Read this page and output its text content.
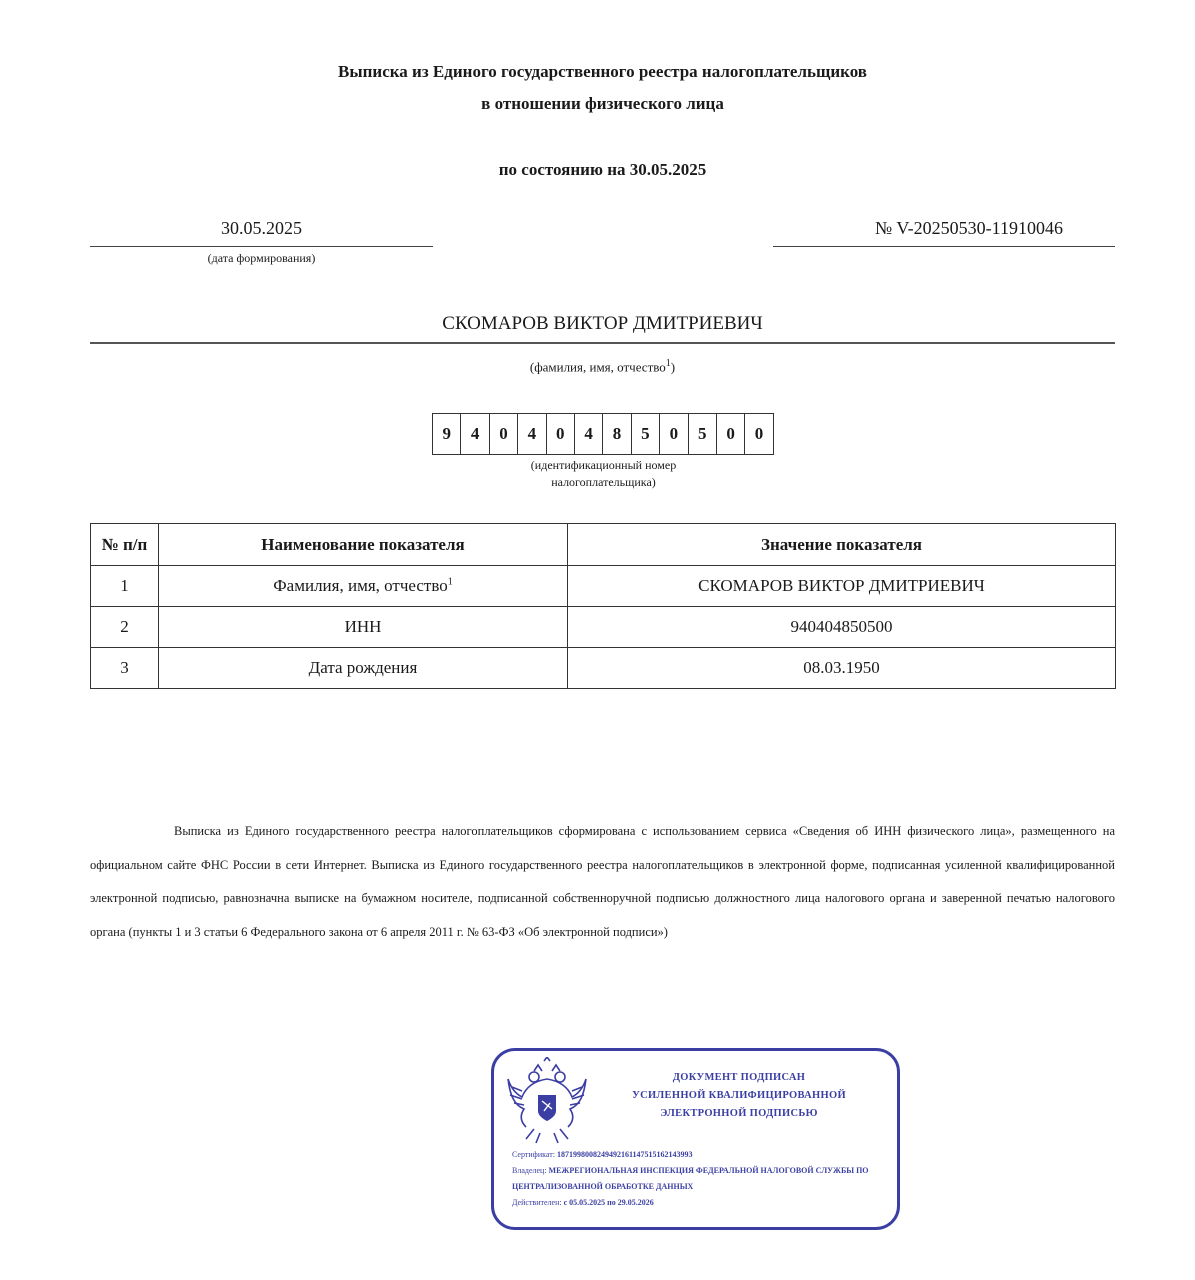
Выписка из Единого государственного реестра налогоплательщиков
в отношении физического лица
по состоянию на 30.05.2025
30.05.2025
(дата формирования)
№ V-20250530-11910046
СКОМАРОВ ВИКТОР ДМИТРИЕВИЧ
(фамилия, имя, отчество$^1$)
9	4	0	4	0	4	8	5	0	5	0	0
(идентификационный номер
налогоплательщика)
№ п/п	Наименование показателя	Значение показателя
1	Фамилия, имя, отчество$^1$	СКОМАРОВ ВИКТОР ДМИТРИЕВИЧ
2	ИНН	940404850500
3	Дата рождения	08.03.1950
Выписка из Единого государственного реестра налогоплательщиков сформирована с использованием сервиса «Сведения об ИНН физического лица», размещенного на официальном сайте ФНС России в сети Интернет. Выписка из Единого государственного реестра налогоплательщиков в электронной форме, подписанная усиленной квалифицированной электронной подписью, равнозначна выписке на бумажном носителе, подписанной собственноручной подписью должностного лица налогового органа и заверенной печатью налогового органа (пункты 1 и 3 статьи 6 Федерального закона от 6 апреля 2011 г. № 63-ФЗ «Об электронной подписи»)
ДОКУМЕНТ ПОДПИСАН
УСИЛЕННОЙ КВАЛИФИЦИРОВАННОЙ
ЭЛЕКТРОННОЙ ПОДПИСЬЮ
Сертификат: 1871998008249492161147515162143993
Владелец: МЕЖРЕГИОНАЛЬНАЯ ИНСПЕКЦИЯ ФЕДЕРАЛЬНОЙ НАЛОГОВОЙ СЛУЖБЫ ПО ЦЕНТРАЛИЗОВАННОЙ ОБРАБОТКЕ ДАННЫХ
Действителен: с 05.05.2025 по 29.05.2026
